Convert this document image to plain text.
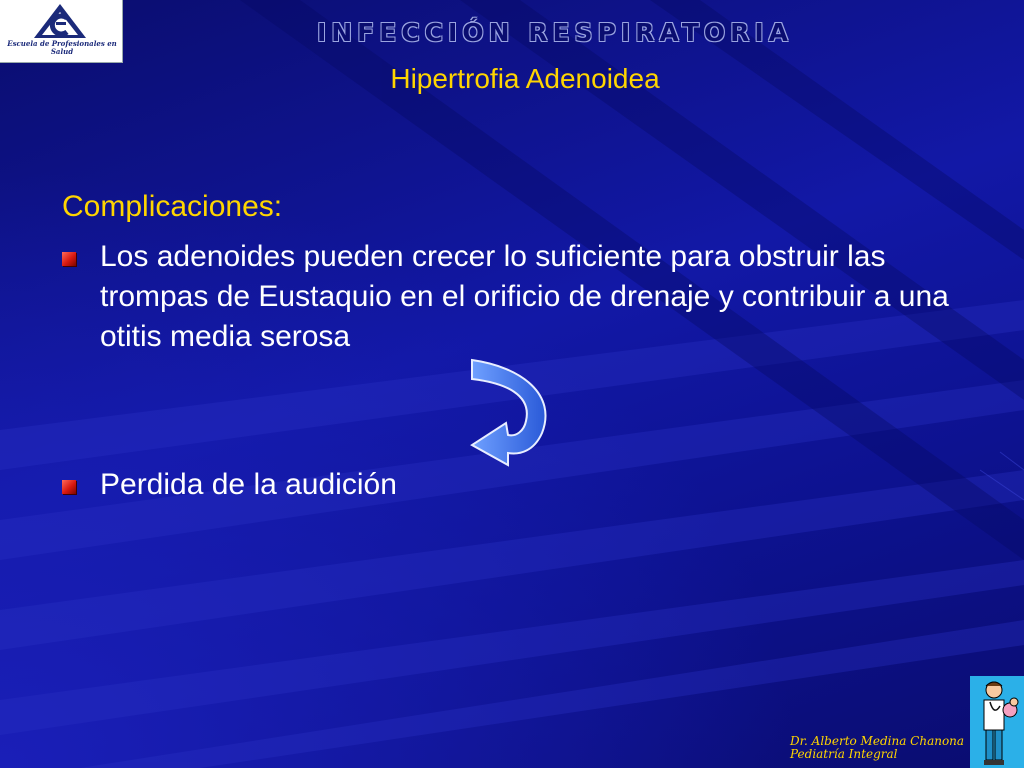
Escuela de Profesionales en Salud
INFECCIÓN RESPIRATORIA
Hipertrofia Adenoidea
Complicaciones:
Los adenoides pueden crecer lo suficiente para obstruir las trompas de Eustaquio en el orificio de drenaje y contribuir a una otitis media serosa
Perdida de la audición
Dr. Alberto Medina Chanona
Pediatría Integral
